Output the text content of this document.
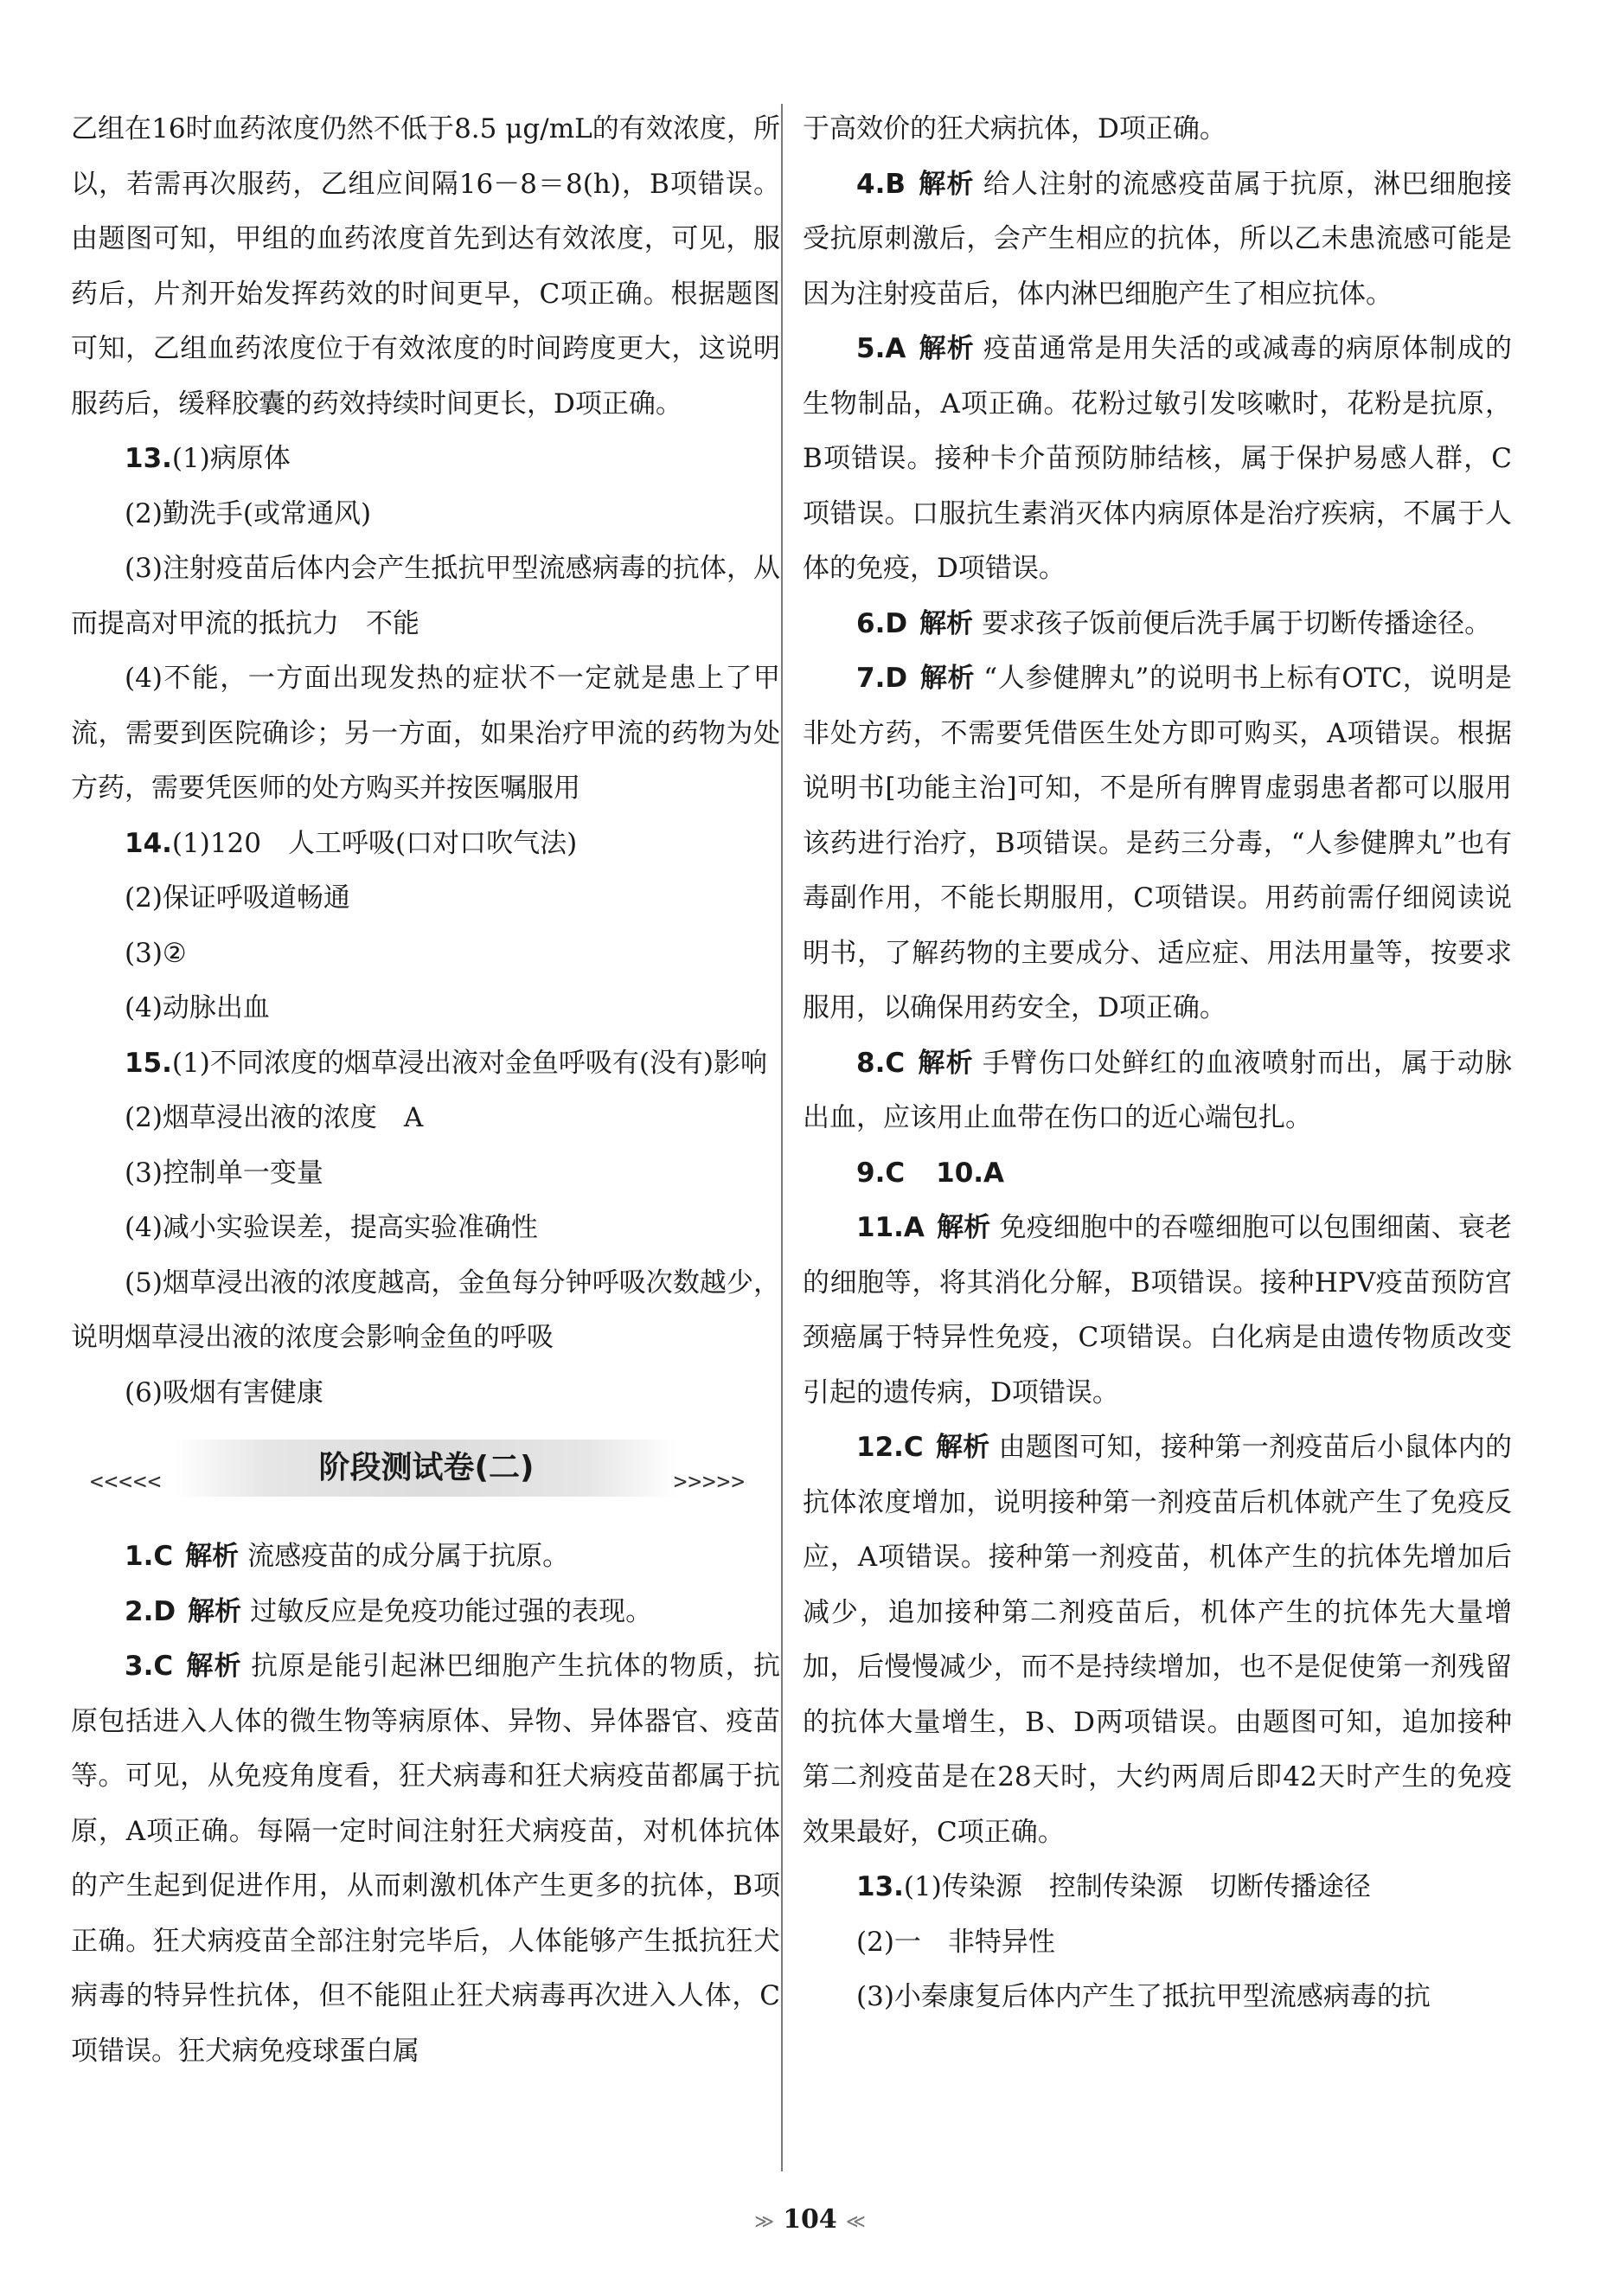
乙组在16时血药浓度仍然不低于8.5 μg/mL的有效浓度，所以，若需再次服药，乙组应间隔16－8＝8(h)，B项错误。由题图可知，甲组的血药浓度首先到达有效浓度，可见，服药后，片剂开始发挥药效的时间更早，C项正确。根据题图可知，乙组血药浓度位于有效浓度的时间跨度更大，这说明服药后，缓释胶囊的药效持续时间更长，D项正确。

13.(1)病原体

(2)勤洗手(或常通风)

(3)注射疫苗后体内会产生抵抗甲型流感病毒的抗体，从而提高对甲流的抵抗力　不能

(4)不能，一方面出现发热的症状不一定就是患上了甲流，需要到医院确诊；另一方面，如果治疗甲流的药物为处方药，需要凭医师的处方购买并按医嘱服用

14.(1)120　人工呼吸(口对口吹气法)

(2)保证呼吸道畅通

(3)②

(4)动脉出血

15.(1)不同浓度的烟草浸出液对金鱼呼吸有(没有)影响

(2)烟草浸出液的浓度　A

(3)控制单一变量

(4)减小实验误差，提高实验准确性

(5)烟草浸出液的浓度越高，金鱼每分钟呼吸次数越少，说明烟草浸出液的浓度会影响金鱼的呼吸

(6)吸烟有害健康

<<<<<	阶段测试卷(二)	>>>>>

1.C 解析 流感疫苗的成分属于抗原。

2.D 解析 过敏反应是免疫功能过强的表现。

3.C 解析 抗原是能引起淋巴细胞产生抗体的物质，抗原包括进入人体的微生物等病原体、异物、异体器官、疫苗等。可见，从免疫角度看，狂犬病毒和狂犬病疫苗都属于抗原，A项正确。每隔一定时间注射狂犬病疫苗，对机体抗体的产生起到促进作用，从而刺激机体产生更多的抗体，B项正确。狂犬病疫苗全部注射完毕后，人体能够产生抵抗狂犬病毒的特异性抗体，但不能阻止狂犬病毒再次进入人体，C项错误。狂犬病免疫球蛋白属

于高效价的狂犬病抗体，D项正确。

4.B 解析 给人注射的流感疫苗属于抗原，淋巴细胞接受抗原刺激后，会产生相应的抗体，所以乙未患流感可能是因为注射疫苗后，体内淋巴细胞产生了相应抗体。

5.A 解析 疫苗通常是用失活的或减毒的病原体制成的生物制品，A项正确。花粉过敏引发咳嗽时，花粉是抗原，B项错误。接种卡介苗预防肺结核，属于保护易感人群，C项错误。口服抗生素消灭体内病原体是治疗疾病，不属于人体的免疫，D项错误。

6.D 解析 要求孩子饭前便后洗手属于切断传播途径。

7.D 解析 “人参健脾丸”的说明书上标有OTC，说明是非处方药，不需要凭借医生处方即可购买，A项错误。根据说明书[功能主治]可知，不是所有脾胃虚弱患者都可以服用该药进行治疗，B项错误。是药三分毒，“人参健脾丸”也有毒副作用，不能长期服用，C项错误。用药前需仔细阅读说明书，了解药物的主要成分、适应症、用法用量等，按要求服用，以确保用药安全，D项正确。

8.C 解析 手臂伤口处鲜红的血液喷射而出，属于动脉出血，应该用止血带在伤口的近心端包扎。

9.C 10.A

11.A 解析 免疫细胞中的吞噬细胞可以包围细菌、衰老的细胞等，将其消化分解，B项错误。接种HPV疫苗预防宫颈癌属于特异性免疫，C项错误。白化病是由遗传物质改变引起的遗传病，D项错误。

12.C 解析 由题图可知，接种第一剂疫苗后小鼠体内的抗体浓度增加，说明接种第一剂疫苗后机体就产生了免疫反应，A项错误。接种第一剂疫苗，机体产生的抗体先增加后减少，追加接种第二剂疫苗后，机体产生的抗体先大量增加，后慢慢减少，而不是持续增加，也不是促使第一剂残留的抗体大量增生，B、D两项错误。由题图可知，追加接种第二剂疫苗是在28天时，大约两周后即42天时产生的免疫效果最好，C项正确。

13.(1)传染源　控制传染源　切断传播途径

(2)一　非特异性

(3)小秦康复后体内产生了抵抗甲型流感病毒的抗

≫ 104 ≪
